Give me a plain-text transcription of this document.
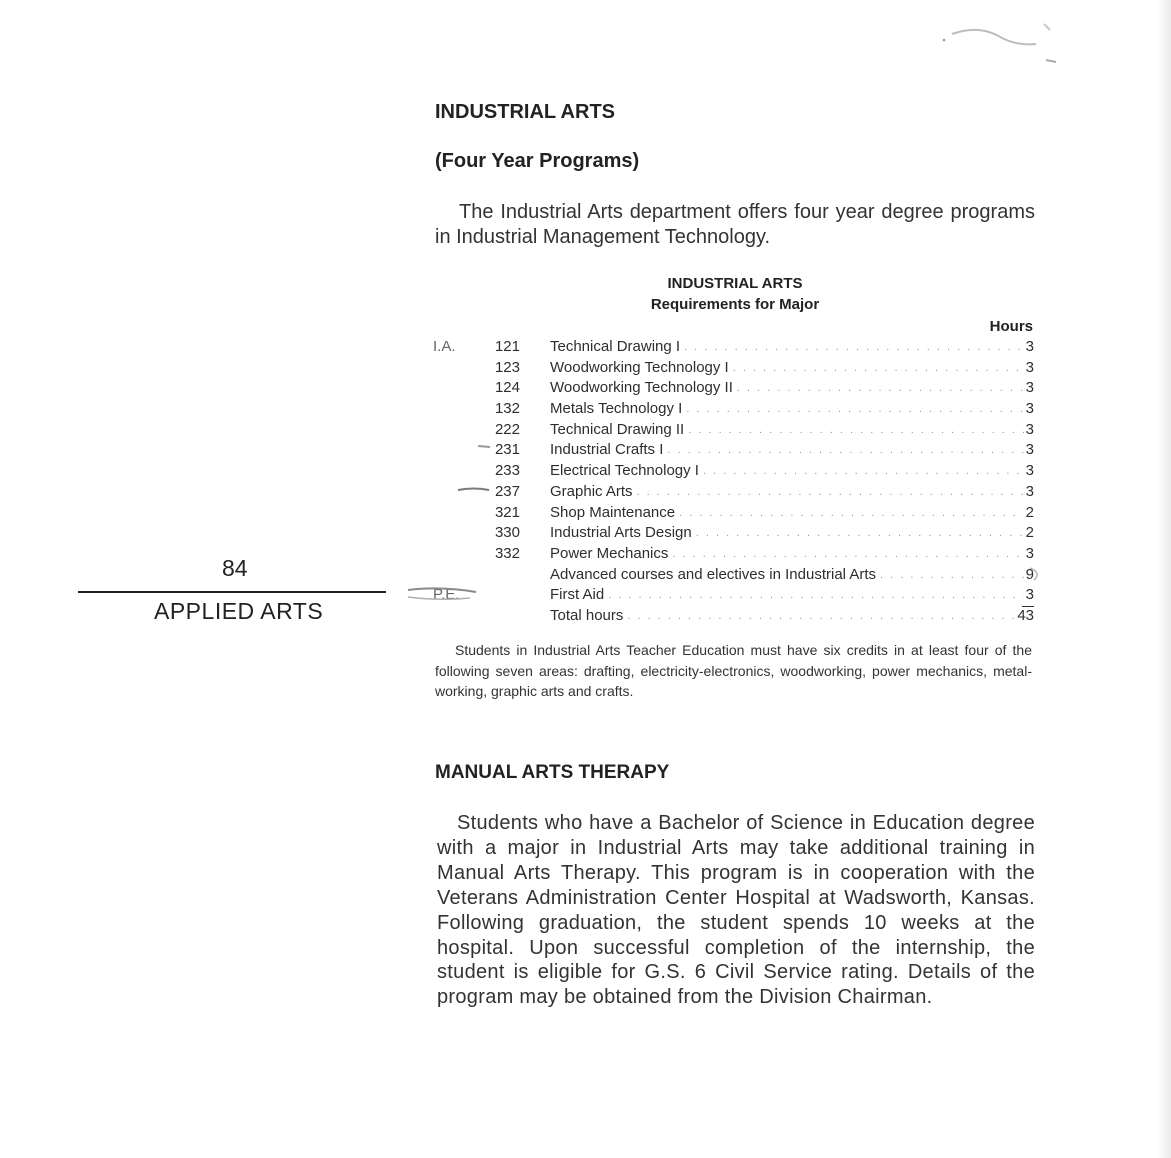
INDUSTRIAL ARTS
(Four Year Programs)

The Industrial Arts department offers four year degree programs in Industrial Management Technology.

INDUSTRIAL ARTS
Requirements for Major
Hours
I.A.	121 Technical Drawing I . . .	3
123 Woodworking Technology I . . .	3
124 Woodworking Technology II . . .	3
132 Metals Technology I . . .	3
222 Technical Drawing II . . .	3
231 Industrial Crafts I . . .	3
233 Electrical Technology I . . .	3
237 Graphic Arts . . .	3
321 Shop Maintenance . . .	2
330 Industrial Arts Design . . .	2
332 Power Mechanics . . .	3
Advanced courses and electives in Industrial Arts . . .	9
P.E.	First Aid . . .	3
Total hours . . .	43

Students in Industrial Arts Teacher Education must have six credits in at least four of the following seven areas: drafting, electricity-electronics, woodworking, power mechanics, metal-working, graphic arts and crafts.

MANUAL ARTS THERAPY

Students who have a Bachelor of Science in Education degree with a major in Industrial Arts may take additional training in Manual Arts Therapy. This program is in cooperation with the Veterans Administration Center Hospital at Wadsworth, Kansas. Following graduation, the student spends 10 weeks at the hospital. Upon successful completion of the internship, the student is eligible for G.S. 6 Civil Service rating. Details of the program may be obtained from the Division Chairman.

84
APPLIED ARTS
